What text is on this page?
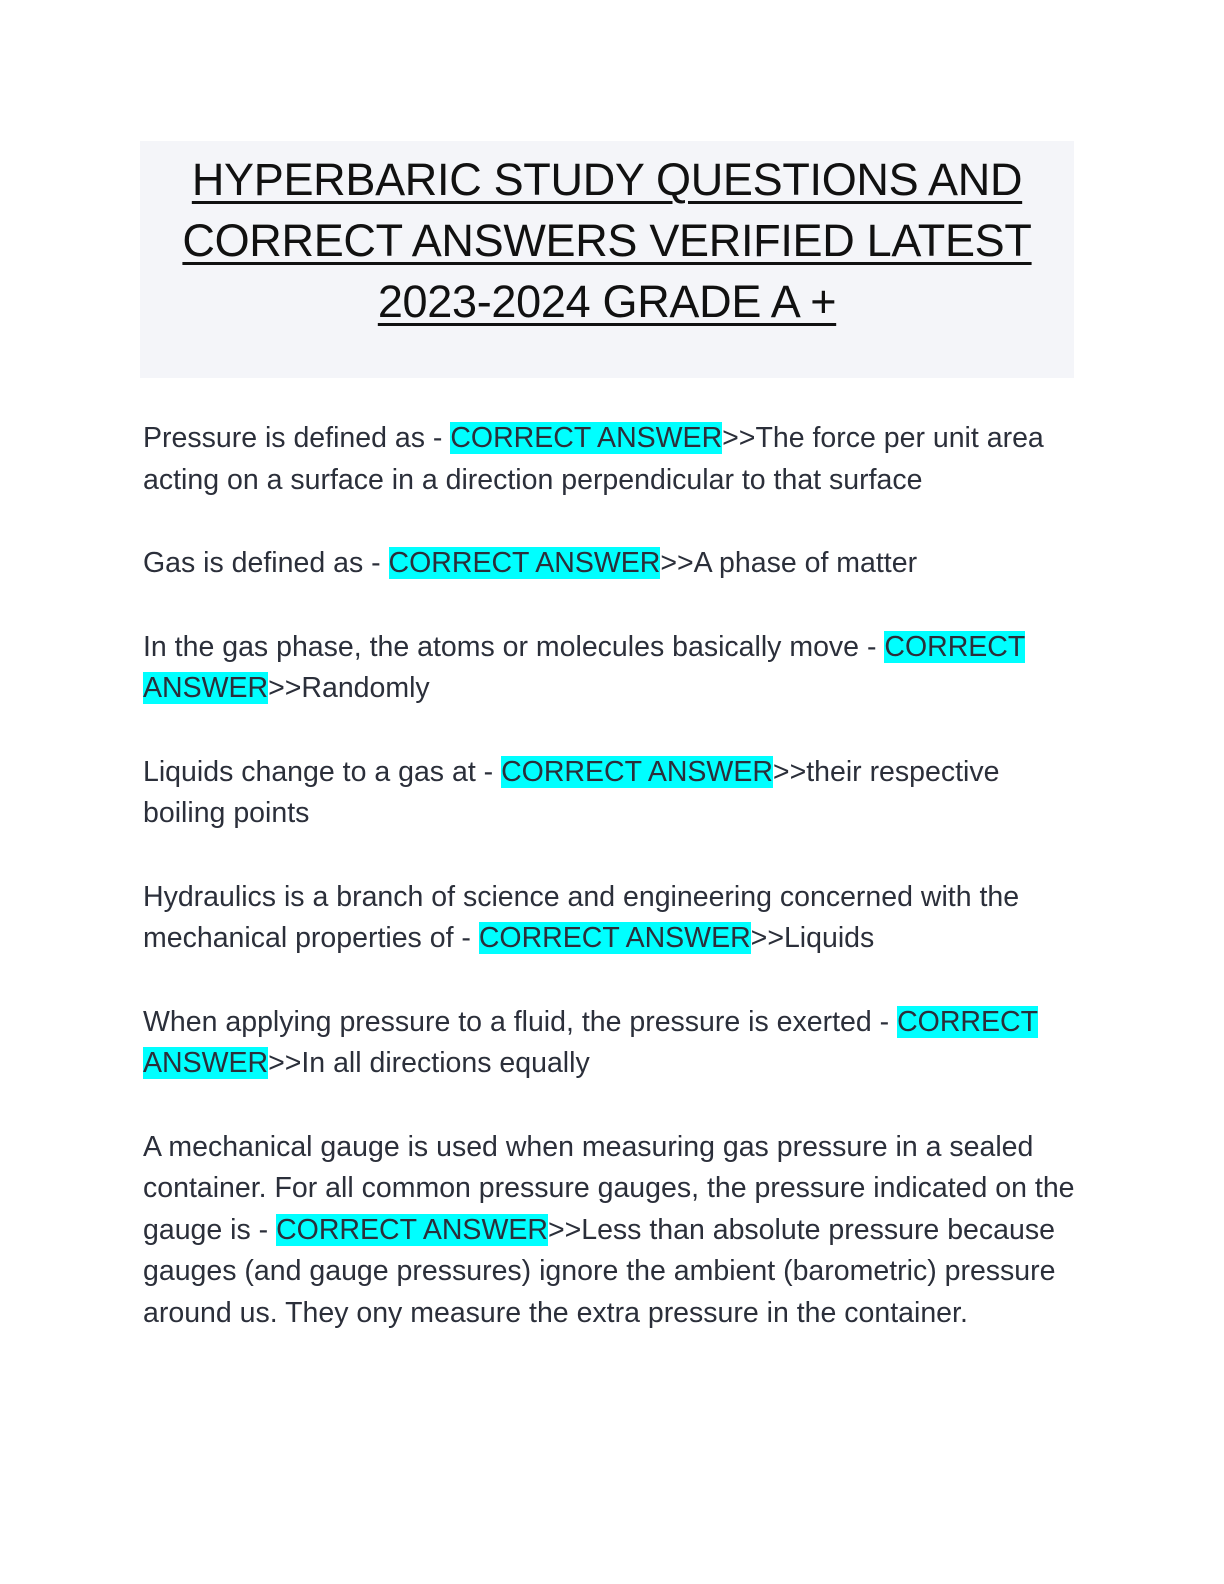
HYPERBARIC STUDY QUESTIONS AND
CORRECT ANSWERS VERIFIED LATEST
2023-2024 GRADE A +

Pressure is defined as - CORRECT ANSWER>>The force per unit area acting on a surface in a direction perpendicular to that surface

Gas is defined as - CORRECT ANSWER>>A phase of matter

In the gas phase, the atoms or molecules basically move - CORRECT ANSWER>>Randomly

Liquids change to a gas at - CORRECT ANSWER>>their respective boiling points

Hydraulics is a branch of science and engineering concerned with the mechanical properties of - CORRECT ANSWER>>Liquids

When applying pressure to a fluid, the pressure is exerted - CORRECT ANSWER>>In all directions equally

A mechanical gauge is used when measuring gas pressure in a sealed container. For all common pressure gauges, the pressure indicated on the gauge is - CORRECT ANSWER>>Less than absolute pressure because gauges (and gauge pressures) ignore the ambient (barometric) pressure around us. They ony measure the extra pressure in the container.
